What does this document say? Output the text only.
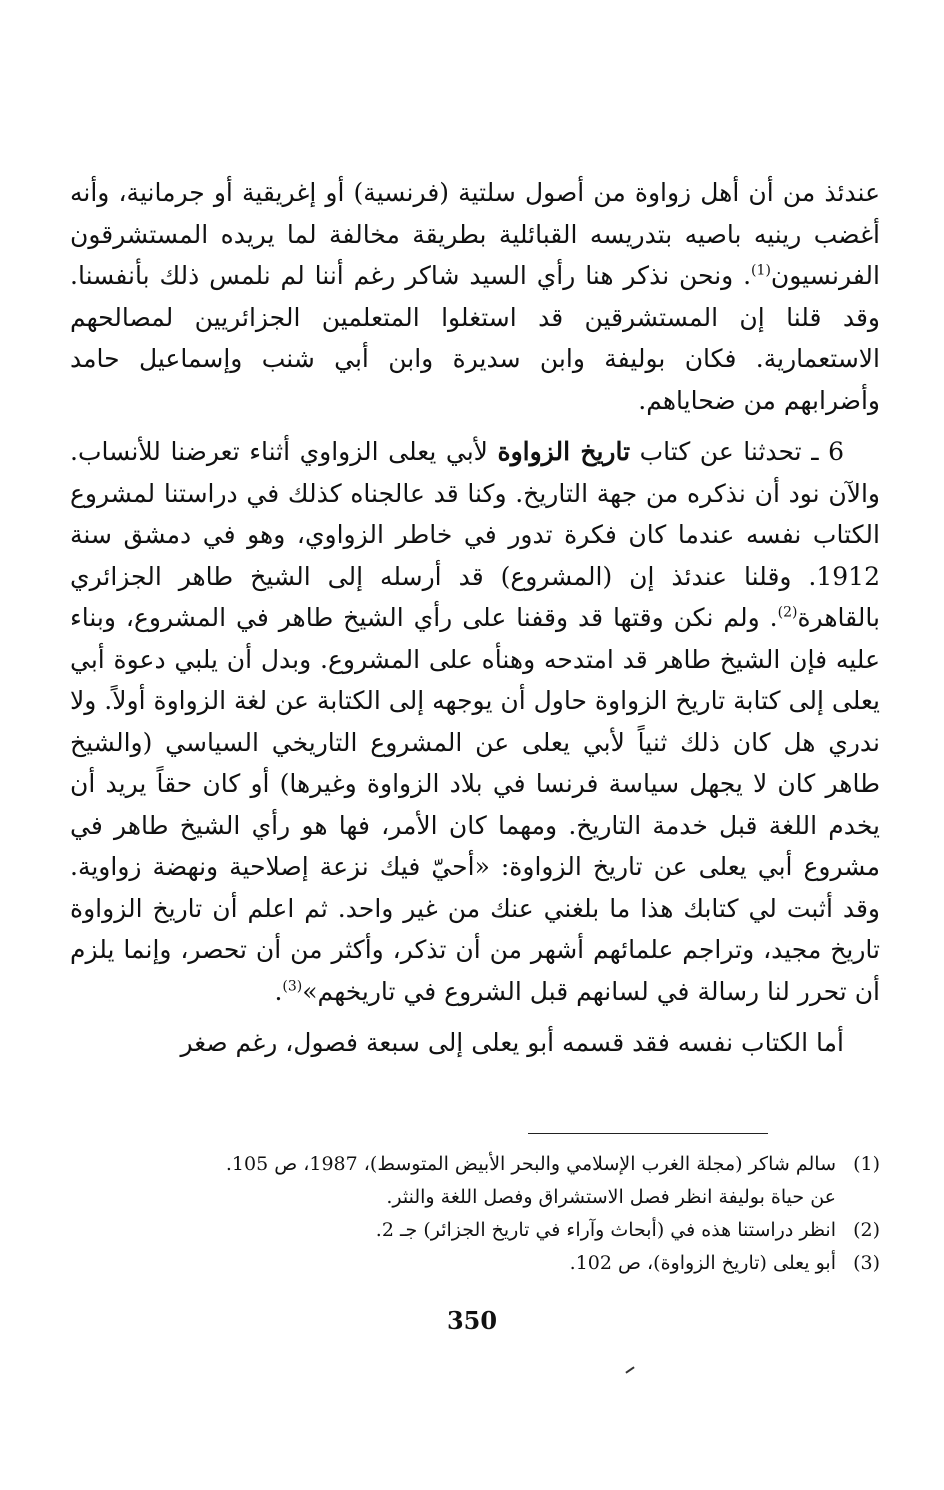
عندئذ من أن أهل زواوة من أصول سلتية (فرنسية) أو إغريقية أو جرمانية، وأنه أغضب رينيه باصيه بتدريسه القبائلية بطريقة مخالفة لما يريده المستشرقون الفرنسيون$^{(1)}$. ونحن نذكر هنا رأي السيد شاكر رغم أننا لم نلمس ذلك بأنفسنا. وقد قلنا إن المستشرقين قد استغلوا المتعلمين الجزائريين لمصالحهم الاستعمارية. فكان بوليفة وابن سديرة وابن أبي شنب وإسماعيل حامد وأضرابهم من ضحاياهم.

6 ـ تحدثنا عن كتاب تاريخ الزواوة لأبي يعلى الزواوي أثناء تعرضنا للأنساب. والآن نود أن نذكره من جهة التاريخ. وكنا قد عالجناه كذلك في دراستنا لمشروع الكتاب نفسه عندما كان فكرة تدور في خاطر الزواوي، وهو في دمشق سنة 1912. وقلنا عندئذ إن (المشروع) قد أرسله إلى الشيخ طاهر الجزائري بالقاهرة$^{(2)}$. ولم نكن وقتها قد وقفنا على رأي الشيخ طاهر في المشروع، وبناء عليه فإن الشيخ طاهر قد امتدحه وهنأه على المشروع. وبدل أن يلبي دعوة أبي يعلى إلى كتابة تاريخ الزواوة حاول أن يوجهه إلى الكتابة عن لغة الزواوة أولاً. ولا ندري هل كان ذلك ثنياً لأبي يعلى عن المشروع التاريخي السياسي (والشيخ طاهر كان لا يجهل سياسة فرنسا في بلاد الزواوة وغيرها) أو كان حقاً يريد أن يخدم اللغة قبل خدمة التاريخ. ومهما كان الأمر، فها هو رأي الشيخ طاهر في مشروع أبي يعلى عن تاريخ الزواوة: «أحيّ فيك نزعة إصلاحية ونهضة زواوية. وقد أثبت لي كتابك هذا ما بلغني عنك من غير واحد. ثم اعلم أن تاريخ الزواوة تاريخ مجيد، وتراجم علمائهم أشهر من أن تذكر، وأكثر من أن تحصر، وإنما يلزم أن تحرر لنا رسالة في لسانهم قبل الشروع في تاريخهم»$^{(3)}$.

أما الكتاب نفسه فقد قسمه أبو يعلى إلى سبعة فصول، رغم صغر

(1)سالم شاكر (مجلة الغرب الإسلامي والبحر الأبيض المتوسط)، 1987، ص 105.

عن حياة بوليفة انظر فصل الاستشراق وفصل اللغة والنثر.

(2)انظر دراستنا هذه في (أبحاث وآراء في تاريخ الجزائر) جـ 2.

(3)أبو يعلى (تاريخ الزواوة)، ص 102.

350
